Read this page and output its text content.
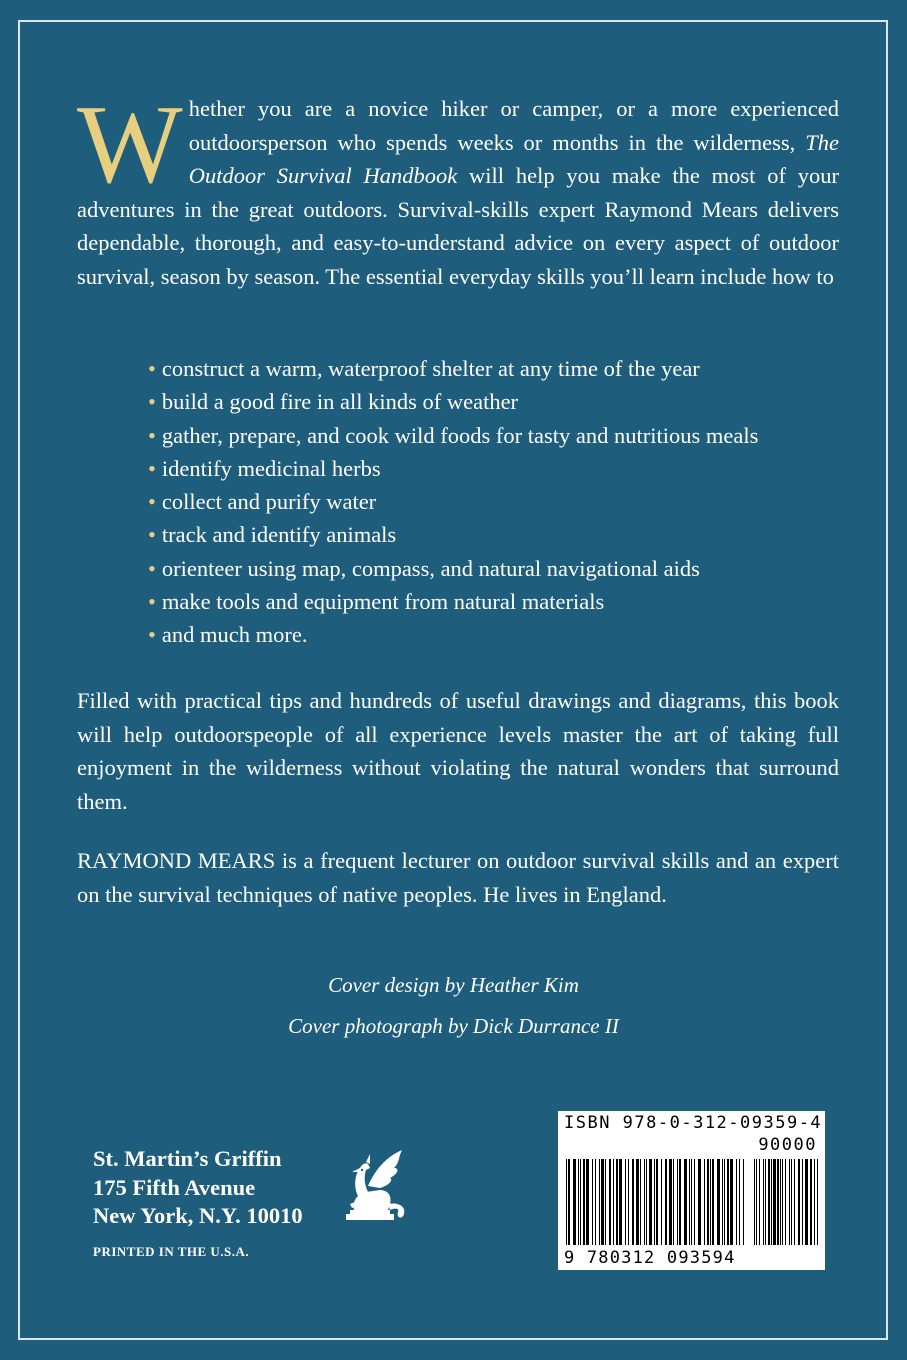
Whether you are a novice hiker or camper, or a more experienced outdoorsperson who spends weeks or months in the wilderness, The Outdoor Survival Handbook will help you make the most of your adventures in the great outdoors. Survival-skills expert Raymond Mears delivers dependable, thorough, and easy-to-understand advice on every aspect of outdoor survival, season by season. The essential everyday skills you’ll learn include how to
• construct a warm, waterproof shelter at any time of the year
• build a good fire in all kinds of weather
• gather, prepare, and cook wild foods for tasty and nutritious meals
• identify medicinal herbs
• collect and purify water
• track and identify animals
• orienteer using map, compass, and natural navigational aids
• make tools and equipment from natural materials
• and much more.

Filled with practical tips and hundreds of useful drawings and diagrams, this book will help outdoorspeople of all experience levels master the art of taking full enjoyment in the wilderness without violating the natural wonders that surround them.

RAYMOND MEARS is a frequent lecturer on outdoor survival skills and an expert on the survival techniques of native peoples. He lives in England.

Cover design by Heather Kim
Cover photograph by Dick Durrance II
St. Martin’s Griffin
175 Fifth Avenue
New York, N.Y. 10010
PRINTED IN THE U.S.A.
ISBN 978-0-312-09359-4
90000
9 780312 093594
